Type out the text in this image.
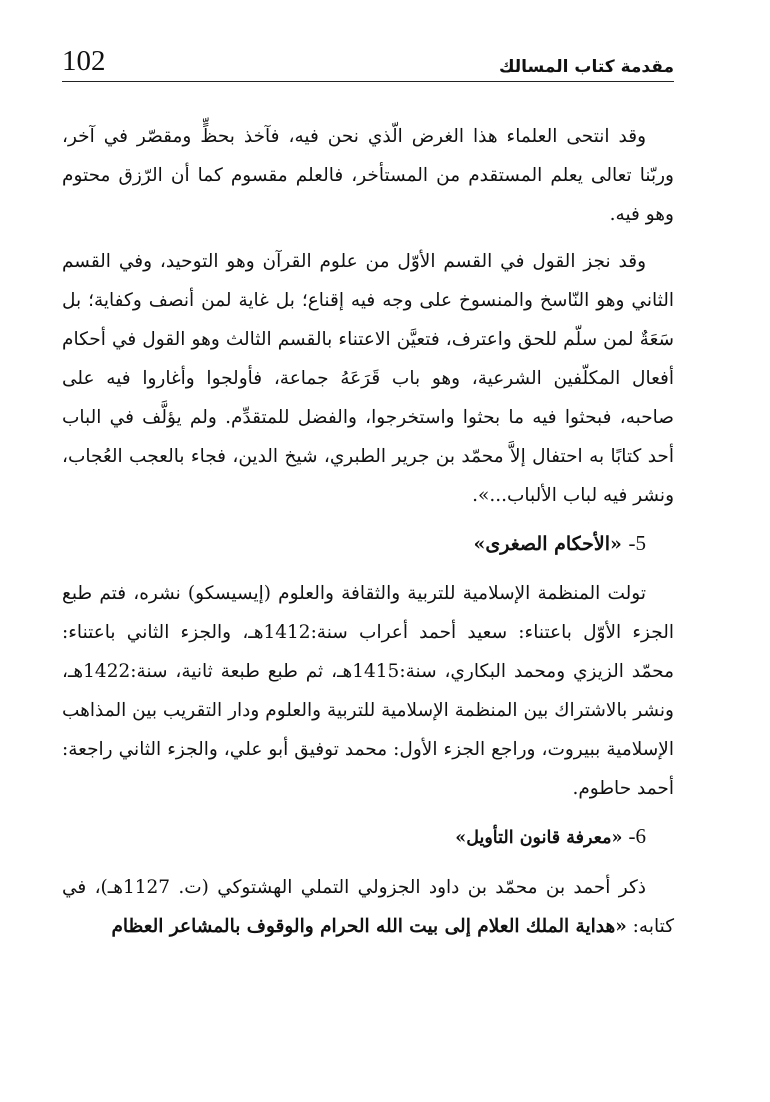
مقدمة كتاب المسالك
102

وقد انتحى العلماء هذا الغرض الّذي نحن فيه، فآخذ بحظٍّ ومقصّر في آخر، وربّنا تعالى يعلم المستقدم من المستأخر، فالعلم مقسوم كما أن الرّزق محتوم وهو فيه.

وقد نجز القول في القسم الأوّل من علوم القرآن وهو التوحيد، وفي القسم الثاني وهو النّاسخ والمنسوخ على وجه فيه إقناع؛ بل غاية لمن أنصف وكفاية؛ بل سَعَةٌ لمن سلّم للحق واعترف، فتعيَّن الاعتناء بالقسم الثالث وهو القول في أحكام أفعال المكلّفين الشرعية، وهو باب قَرَعَهُ جماعة، فأولجوا وأغاروا فيه على صاحبه، فبحثوا فيه ما بحثوا واستخرجوا، والفضل للمتقدِّم. ولم يؤلَّف في الباب أحد كتابًا به احتفال إلاَّ محمّد بن جرير الطبري، شيخ الدين، فجاء بالعجب العُجاب، ونشر فيه لباب الألباب...».

5- «الأحكام الصغرى»

تولت المنظمة الإسلامية للتربية والثقافة والعلوم (إيسيسكو) نشره، فتم طبع الجزء الأوّل باعتناء: سعيد أحمد أعراب سنة:1412هـ، والجزء الثاني باعتناء: محمّد الزيزي ومحمد البكاري، سنة:1415هـ، ثم طبع طبعة ثانية، سنة:1422هـ، ونشر بالاشتراك بين المنظمة الإسلامية للتربية والعلوم ودار التقريب بين المذاهب الإسلامية ببيروت، وراجع الجزء الأول: محمد توفيق أبو علي، والجزء الثاني راجعة: أحمد حاطوم.

6- «معرفة قانون التأويل»

ذكر أحمد بن محمّد بن داود الجزولي التملي الهشتوكي (ت. 1127هـ)، في كتابه: «هداية الملك العلام إلى بيت الله الحرام والوقوف بالمشاعر العظام
